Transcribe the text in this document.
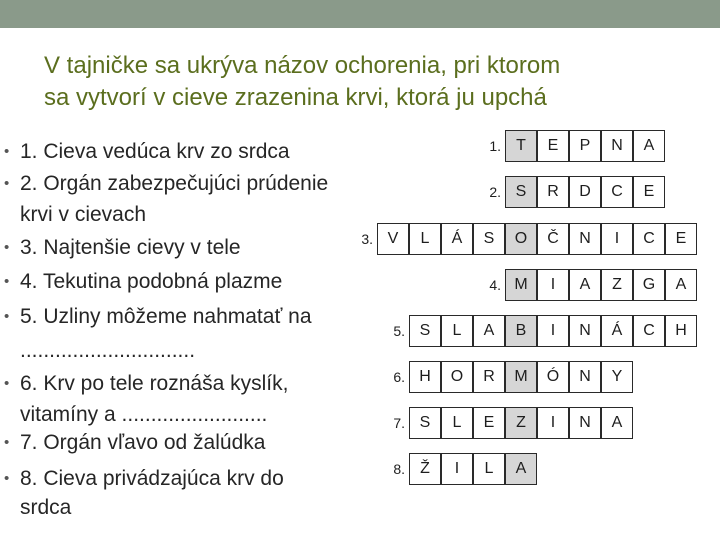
V tajničke sa ukrýva názov ochorenia, pri ktorom
sa vytvorí v cieve zrazenina krvi, ktorá ju upchá
• 1. Cieva vedúca krv zo srdca
• 2. Orgán zabezpečujúci prúdenie
krvi v cievach
• 3. Najtenšie cievy v tele
• 4. Tekutina podobná plazme
• 5. Uzliny môžeme nahmatať na
..............................
• 6. Krv po tele roznáša kyslík,
vitamíny a .........................
• 7. Orgán vľavo od žalúdka
• 8. Cieva privádzajúca krv do
srdca
1. T	E	P	N	A
2. S	R	D	C	E
3. V	L	Á	S	O	Č	N	I	C	E
4. M	I	A	Z	G	A
5. S	L	A	B	I	N	Á	C	H
6. H	O	R	M	Ó	N	Y
7. S	L	E	Z	I	N	A
8. Ž	I	L	A
